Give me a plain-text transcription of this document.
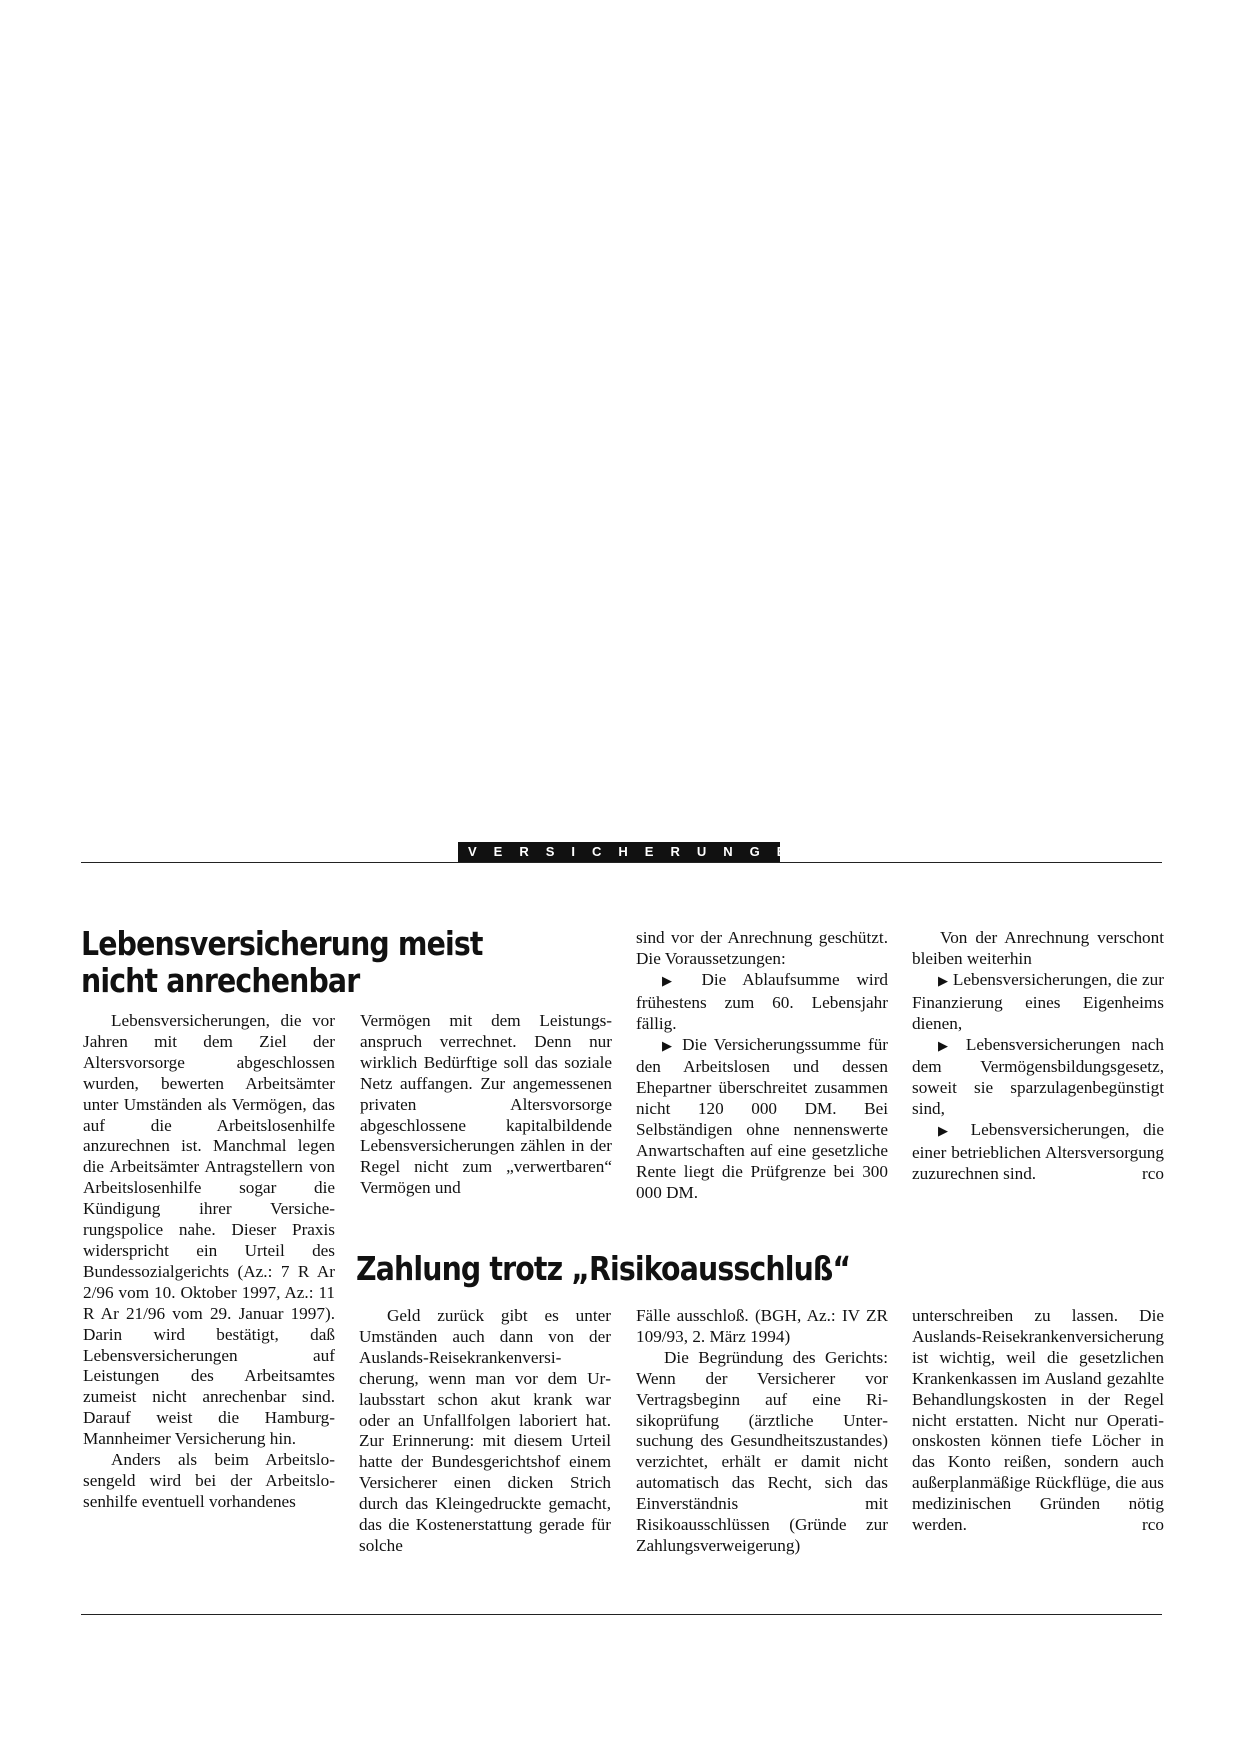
VERSICHERUNGEN
Lebensversicherung meist
nicht anrechenbar

Lebensversicherungen, die vor Jahren mit dem Ziel der Altersvorsorge abgeschlossen wurden, bewerten Arbeitsämter unter Umständen als Vermögen, das auf die Arbeitslosenhilfe anzurechnen ist. Manchmal legen die Arbeitsämter Antragstellern von Arbeitslosenhilfe sogar die Kündigung ihrer Versicherungspolice nahe. Dieser Praxis widerspricht ein Urteil des Bundessozialgerichts (Az.: 7 R Ar 2/96 vom 10. Oktober 1997, Az.: 11 R Ar 21/96 vom 29. Januar 1997). Darin wird bestätigt, daß Lebensversicherungen auf Leistungen des Arbeitsamtes zumeist nicht anrechenbar sind. Darauf weist die Hamburg-Mannheimer Versicherung hin.

Anders als beim Arbeitslosengeld wird bei der Arbeitslosenhilfe eventuell vorhandenes

Vermögen mit dem Leistungsanspruch verrechnet. Denn nur wirklich Bedürftige soll das soziale Netz auffangen. Zur angemessenen privaten Altersvorsorge abgeschlossene kapitalbildende Lebensversicherungen zählen in der Regel nicht zum „verwertbaren“ Vermögen und

sind vor der Anrechnung geschützt. Die Voraussetzungen:

▶ Die Ablaufsumme wird frühestens zum 60. Lebensjahr fällig.

▶ Die Versicherungssumme für den Arbeitslosen und dessen Ehepartner überschreitet zusammen nicht 120 000 DM. Bei Selbständigen ohne nennenswerte Anwartschaften auf eine gesetzliche Rente liegt die Prüfgrenze bei 300 000 DM.

Von der Anrechnung verschont bleiben weiterhin

▶ Lebensversicherungen, die zur Finanzierung eines Eigenheims dienen,

▶ Lebensversicherungen nach dem Vermögensbildungsgesetz, soweit sie sparzulagenbegünstigt sind,

▶ Lebensversicherungen, die einer betrieblichen Altersversorgung zuzurechnen sind.	rco

Zahlung trotz „Risikoausschluß“

Geld zurück gibt es unter Umständen auch dann von der Auslands-Reisekrankenversicherung, wenn man vor dem Urlaubsstart schon akut krank war oder an Unfallfolgen laboriert hat. Zur Erinnerung: mit diesem Urteil hatte der Bundesgerichtshof einem Versicherer einen dicken Strich durch das Kleingedruckte gemacht, das die Kostenerstattung gerade für solche

Fälle ausschloß. (BGH, Az.: IV ZR 109/93, 2. März 1994)

Die Begründung des Gerichts: Wenn der Versicherer vor Vertragsbeginn auf eine Risikoprüfung (ärztliche Untersuchung des Gesundheitszustandes) verzichtet, erhält er damit nicht automatisch das Recht, sich das Einverständnis mit Risikoausschlüssen (Gründe zur Zahlungsverweigerung)

unterschreiben zu lassen. Die Auslands-Reisekrankenversicherung ist wichtig, weil die gesetzlichen Krankenkassen im Ausland gezahlte Behandlungskosten in der Regel nicht erstatten. Nicht nur Operationskosten können tiefe Löcher in das Konto reißen, sondern auch außerplanmäßige Rückflüge, die aus medizinischen Gründen nötig werden.	rco
